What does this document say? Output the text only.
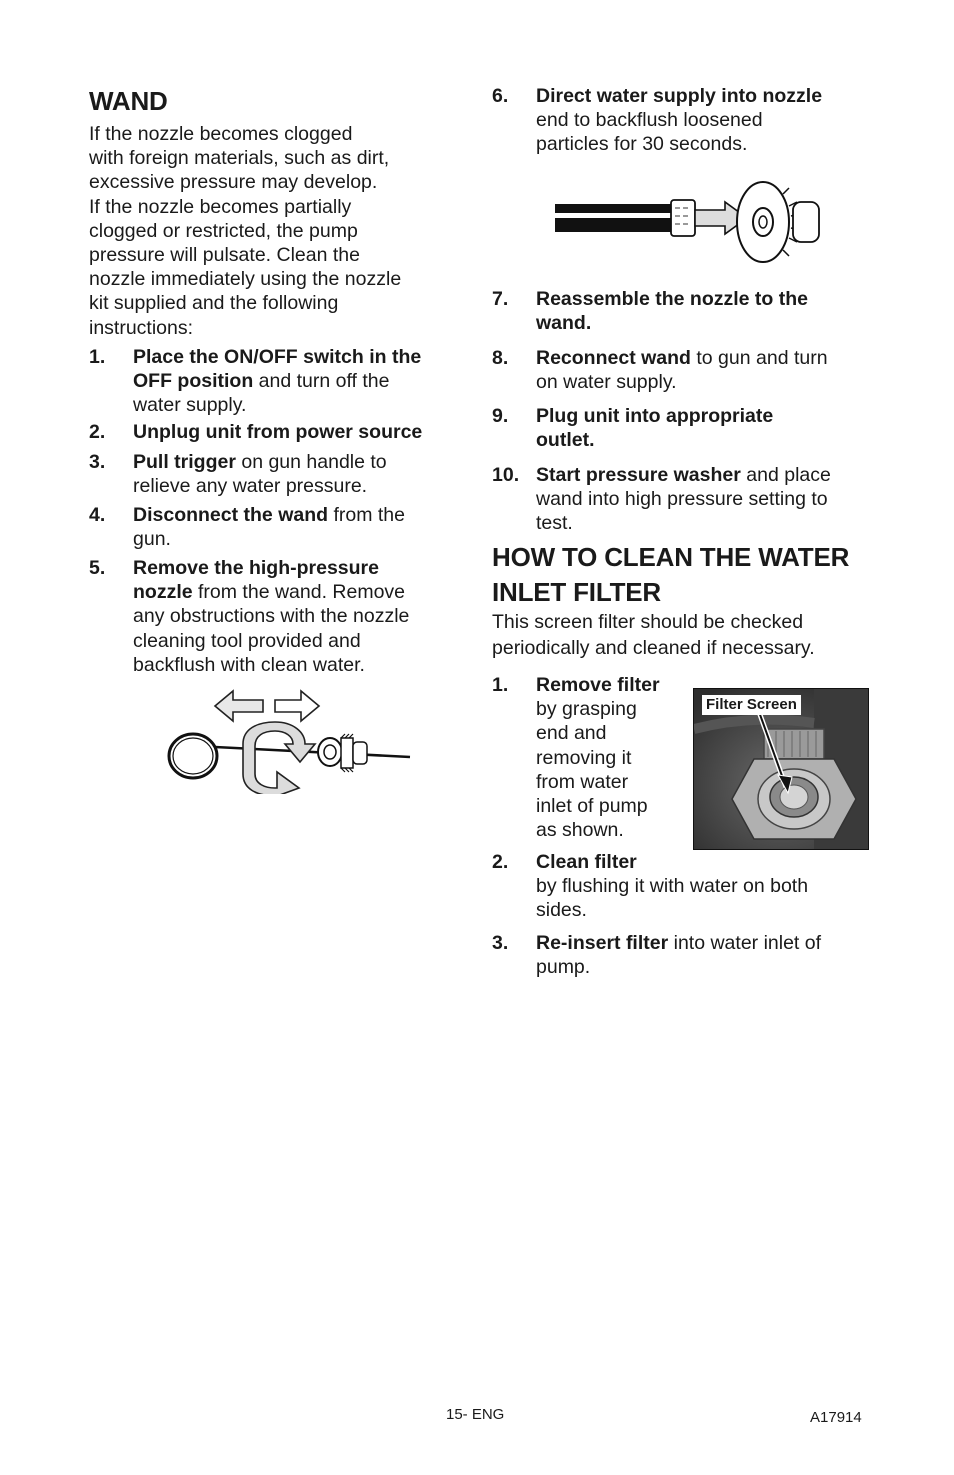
WAND
If the nozzle becomes clogged
with foreign materials, such as dirt,
excessive pressure may develop.
If the nozzle becomes partially
clogged or restricted, the pump
pressure will pulsate. Clean the
nozzle immediately using the nozzle
kit supplied and the following
instructions:
1. Place the ON/OFF switch in the
OFF position and turn off the
water supply.
2. Unplug unit from power source
3. Pull trigger on gun handle to
relieve any water pressure.
4. Disconnect the wand from the
gun.
5. Remove the high-pressure
nozzle from the wand. Remove
any obstructions with the nozzle
cleaning tool provided and
backflush with clean water.
6. Direct water supply into nozzle
end to backflush loosened
particles for 30 seconds.
7. Reassemble the nozzle to the
wand.
8. Reconnect wand to gun and turn
on water supply.
9. Plug unit into appropriate
outlet.
10. Start pressure washer and place
wand into high pressure setting to
test.
HOW TO CLEAN THE WATER
INLET FILTER
This screen filter should be checked
periodically and cleaned if necessary.
1. Remove filter
by grasping
end and
removing it
from water
inlet of pump
as shown.
Filter Screen
2. Clean filter
by flushing it with water on both
sides.
3. Re-insert filter into water inlet of
pump.
15- ENG	A17914
